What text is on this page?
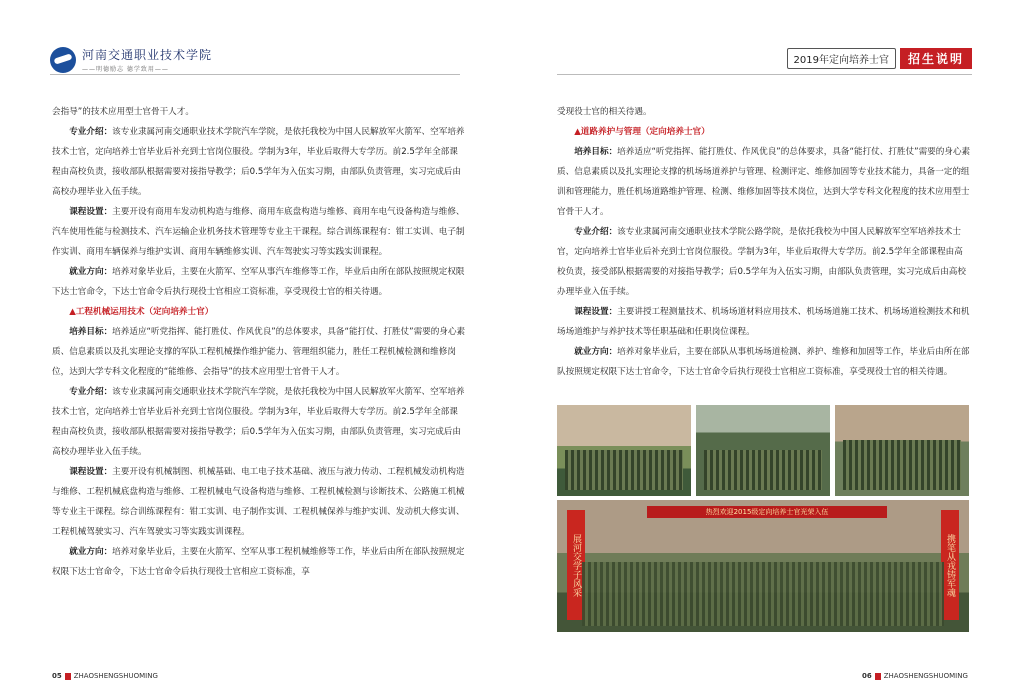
河南交通职业技术学院
——明德励志 德学致用——

会指导”的技术应用型士官骨干人才。

专业介绍：该专业隶属河南交通职业技术学院汽车学院，是依托我校为中国人民解放军火箭军、空军培养技术士官，定向培养士官毕业后补充到士官岗位服役。学制为3年，毕业后取得大专学历。前2.5学年全部课程由高校负责，接收部队根据需要对接指导教学；后0.5学年为入伍实习期，由部队负责管理，实习完成后由高校办理毕业入伍手续。

课程设置：主要开设有商用车发动机构造与维修、商用车底盘构造与维修、商用车电气设备构造与维修、汽车使用性能与检测技术、汽车运输企业机务技术管理等专业主干课程。综合训练课程有：钳工实训、电子制作实训、商用车辆保养与维护实训、商用车辆维修实训、汽车驾驶实习等实践实训课程。

就业方向：培养对象毕业后，主要在火箭军、空军从事汽车维修等工作，毕业后由所在部队按照规定权限下达士官命令，下达士官命令后执行现役士官相应工资标准，享受现役士官的相关待遇。

▲工程机械运用技术（定向培养士官）

培养目标：培养适应“听党指挥、能打胜仗、作风优良”的总体要求，具备“能打仗、打胜仗”需要的身心素质、信息素质以及扎实理论支撑的军队工程机械操作维护能力、管理组织能力，胜任工程机械检测和维修岗位，达到大学专科文化程度的“能维修、会指导”的技术应用型士官骨干人才。

专业介绍：该专业隶属河南交通职业技术学院汽车学院，是依托我校为中国人民解放军火箭军、空军培养技术士官，定向培养士官毕业后补充到士官岗位服役。学制为3年，毕业后取得大专学历。前2.5学年全部课程由高校负责，接收部队根据需要对接指导教学；后0.5学年为入伍实习期，由部队负责管理，实习完成后由高校办理毕业入伍手续。

课程设置：主要开设有机械制图、机械基础、电工电子技术基础、液压与液力传动、工程机械发动机构造与维修、工程机械底盘构造与维修、工程机械电气设备构造与维修、工程机械检测与诊断技术、公路施工机械等专业主干课程。综合训练课程有：钳工实训、电子制作实训、工程机械保养与维护实训、发动机大修实训、工程机械驾驶实习、汽车驾驶实习等实践实训课程。

就业方向：培养对象毕业后，主要在火箭军、空军从事工程机械维修等工作，毕业后由所在部队按照规定权限下达士官命令，下达士官命令后执行现役士官相应工资标准，享

05 ZHAOSHENGSHUOMING
2019年定向培养士官	招生说明

受现役士官的相关待遇。

▲道路养护与管理（定向培养士官）

培养目标：培养适应“听党指挥、能打胜仗、作风优良”的总体要求，具备“能打仗、打胜仗”需要的身心素质、信息素质以及扎实理论支撑的机场场道养护与管理、检测评定、维修加固等专业技术能力，具备一定的组训和管理能力，胜任机场道路维护管理、检测、维修加固等技术岗位，达到大学专科文化程度的技术应用型士官骨干人才。

专业介绍：该专业隶属河南交通职业技术学院公路学院，是依托我校为中国人民解放军空军培养技术士官，定向培养士官毕业后补充到士官岗位服役。学制为3年，毕业后取得大专学历。前2.5学年全部课程由高校负责，接受部队根据需要的对接指导教学；后0.5学年为入伍实习期，由部队负责管理，实习完成后由高校办理毕业入伍手续。

课程设置：主要讲授工程测量技术、机场场道材料应用技术、机场场道施工技术、机场场道检测技术和机场场道维护与养护技术等任职基础和任职岗位课程。

就业方向：培养对象毕业后，主要在部队从事机场场道检测、养护、维修和加固等工作，毕业后由所在部队按照规定权限下达士官命令，下达士官命令后执行现役士官相应工资标准，享受现役士官的相关待遇。

06 ZHAOSHENGSHUOMING
热烈欢迎2015级定向培养士官光荣入伍
展河交学子风采	携笔从戎铸军魂
